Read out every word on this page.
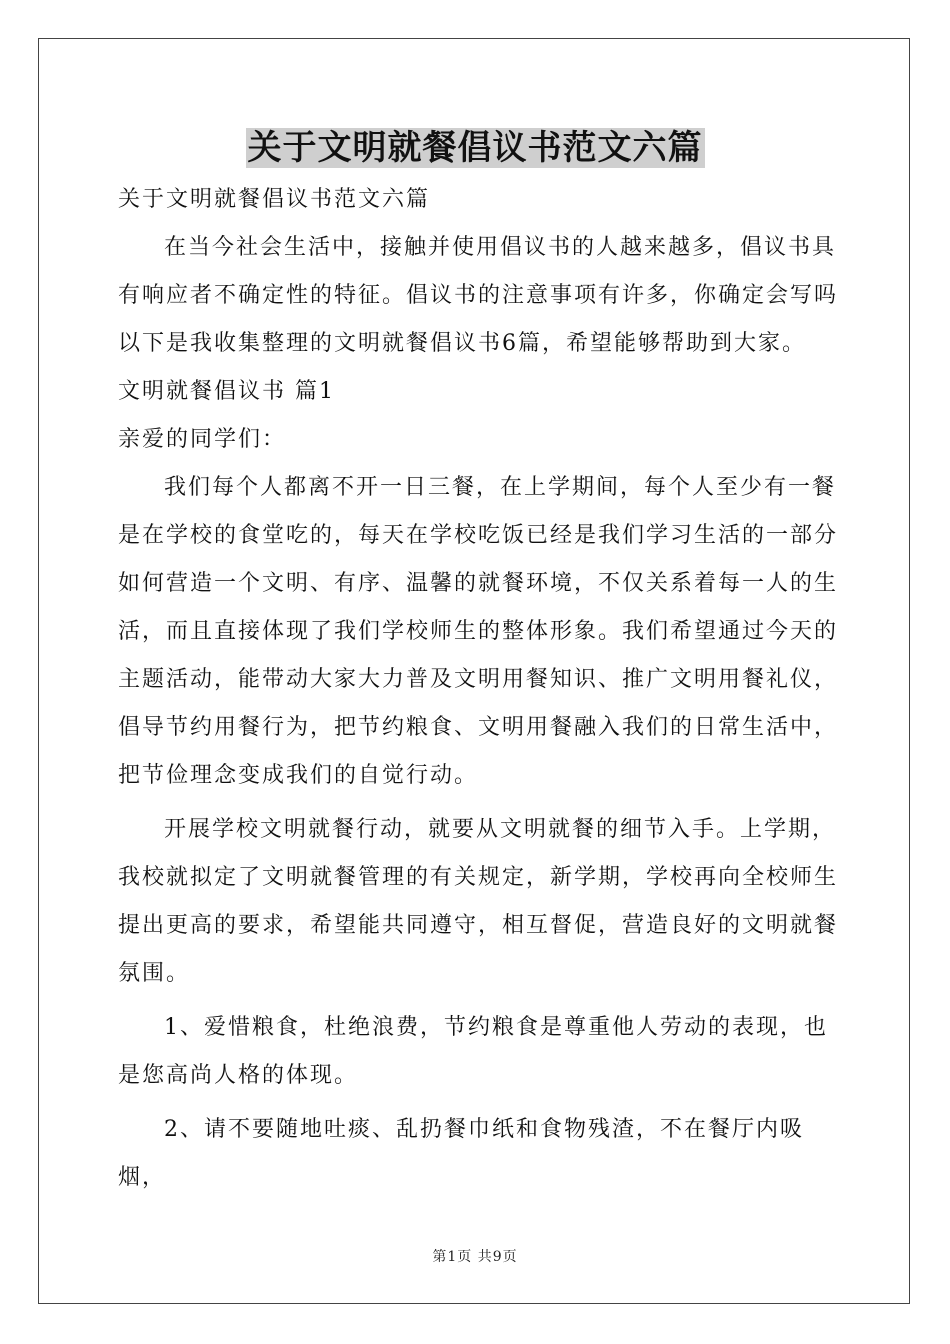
关于文明就餐倡议书范文六篇

关于文明就餐倡议书范文六篇

在当今社会生活中，接触并使用倡议书的人越来越多，倡议书具有响应者不确定性的特征。倡议书的注意事项有许多，你确定会写吗以下是我收集整理的文明就餐倡议书6篇，希望能够帮助到大家。

文明就餐倡议书 篇1

亲爱的同学们：

我们每个人都离不开一日三餐，在上学期间，每个人至少有一餐是在学校的食堂吃的，每天在学校吃饭已经是我们学习生活的一部分如何营造一个文明、有序、温馨的就餐环境，不仅关系着每一人的生活，而且直接体现了我们学校师生的整体形象。我们希望通过今天的主题活动，能带动大家大力普及文明用餐知识、推广文明用餐礼仪，倡导节约用餐行为，把节约粮食、文明用餐融入我们的日常生活中，把节俭理念变成我们的自觉行动。

开展学校文明就餐行动，就要从文明就餐的细节入手。上学期，我校就拟定了文明就餐管理的有关规定，新学期，学校再向全校师生提出更高的要求，希望能共同遵守，相互督促，营造良好的文明就餐氛围。

1、爱惜粮食，杜绝浪费，节约粮食是尊重他人劳动的表现，也是您高尚人格的体现。

2、请不要随地吐痰、乱扔餐巾纸和食物残渣，不在餐厅内吸烟，

第1页 共9页
